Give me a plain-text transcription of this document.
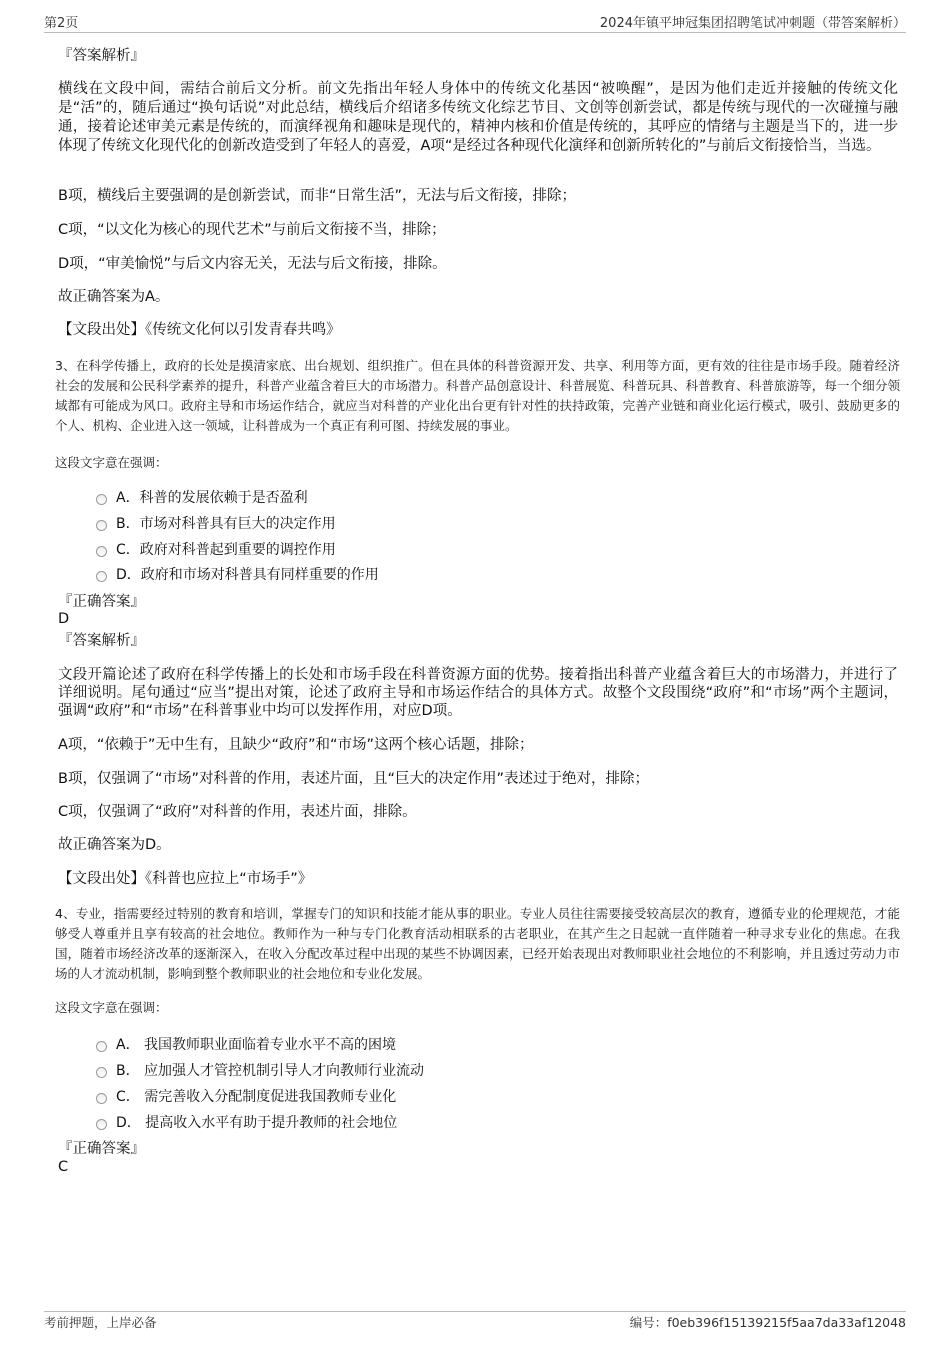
第2页	2024年镇平坤冠集团招聘笔试冲刺题（带答案解析）
『答案解析』
横线在文段中间，需结合前后文分析。前文先指出年轻人身体中的传统文化基因“被唤醒”，是因为他们走近并接触的传统文化是“活”的，随后通过“换句话说”对此总结，横线后介绍诸多传统文化综艺节目、文创等创新尝试，都是传统与现代的一次碰撞与融通，接着论述审美元素是传统的，而演绎视角和趣味是现代的，精神内核和价值是传统的，其呼应的情绪与主题是当下的，进一步体现了传统文化现代化的创新改造受到了年轻人的喜爱，A项“是经过各种现代化演绎和创新所转化的”与前后文衔接恰当，当选。
B项，横线后主要强调的是创新尝试，而非“日常生活”，无法与后文衔接，排除；
C项，“以文化为核心的现代艺术”与前后文衔接不当，排除；
D项，“审美愉悦”与后文内容无关，无法与后文衔接，排除。
故正确答案为A。
【文段出处】《传统文化何以引发青春共鸣》
3、在科学传播上，政府的长处是摸清家底、出台规划、组织推广。但在具体的科普资源开发、共享、利用等方面，更有效的往往是市场手段。随着经济社会的发展和公民科学素养的提升，科普产业蕴含着巨大的市场潜力。科普产品创意设计、科普展览、科普玩具、科普教育、科普旅游等，每一个细分领域都有可能成为风口。政府主导和市场运作结合，就应当对科普的产业化出台更有针对性的扶持政策，完善产业链和商业化运行模式，吸引、鼓励更多的个人、机构、企业进入这一领域，让科普成为一个真正有利可图、持续发展的事业。
这段文字意在强调：
A．科普的发展依赖于是否盈利
B．市场对科普具有巨大的决定作用
C．政府对科普起到重要的调控作用
D．政府和市场对科普具有同样重要的作用
『正确答案』
D
『答案解析』
文段开篇论述了政府在科学传播上的长处和市场手段在科普资源方面的优势。接着指出科普产业蕴含着巨大的市场潜力，并进行了详细说明。尾句通过“应当”提出对策，论述了政府主导和市场运作结合的具体方式。故整个文段围绕“政府”和“市场”两个主题词，强调“政府”和“市场”在科普事业中均可以发挥作用，对应D项。
A项，“依赖于”无中生有，且缺少“政府”和“市场”这两个核心话题，排除；
B项，仅强调了“市场”对科普的作用，表述片面，且“巨大的决定作用”表述过于绝对，排除；
C项，仅强调了“政府”对科普的作用，表述片面，排除。
故正确答案为D。
【文段出处】《科普也应拉上“市场手”》
4、专业，指需要经过特别的教育和培训，掌握专门的知识和技能才能从事的职业。专业人员往往需要接受较高层次的教育，遵循专业的伦理规范，才能够受人尊重并且享有较高的社会地位。教师作为一种与专门化教育活动相联系的古老职业，在其产生之日起就一直伴随着一种寻求专业化的焦虑。在我国，随着市场经济改革的逐渐深入，在收入分配改革过程中出现的某些不协调因素，已经开始表现出对教师职业社会地位的不利影响，并且透过劳动力市场的人才流动机制，影响到整个教师职业的社会地位和专业化发展。
这段文字意在强调：
A． 我国教师职业面临着专业水平不高的困境
B． 应加强人才管控机制引导人才向教师行业流动
C． 需完善收入分配制度促进我国教师专业化
D． 提高收入水平有助于提升教师的社会地位
『正确答案』
C
考前押题，上岸必备	编号：f0eb396f15139215f5aa7da33af12048
